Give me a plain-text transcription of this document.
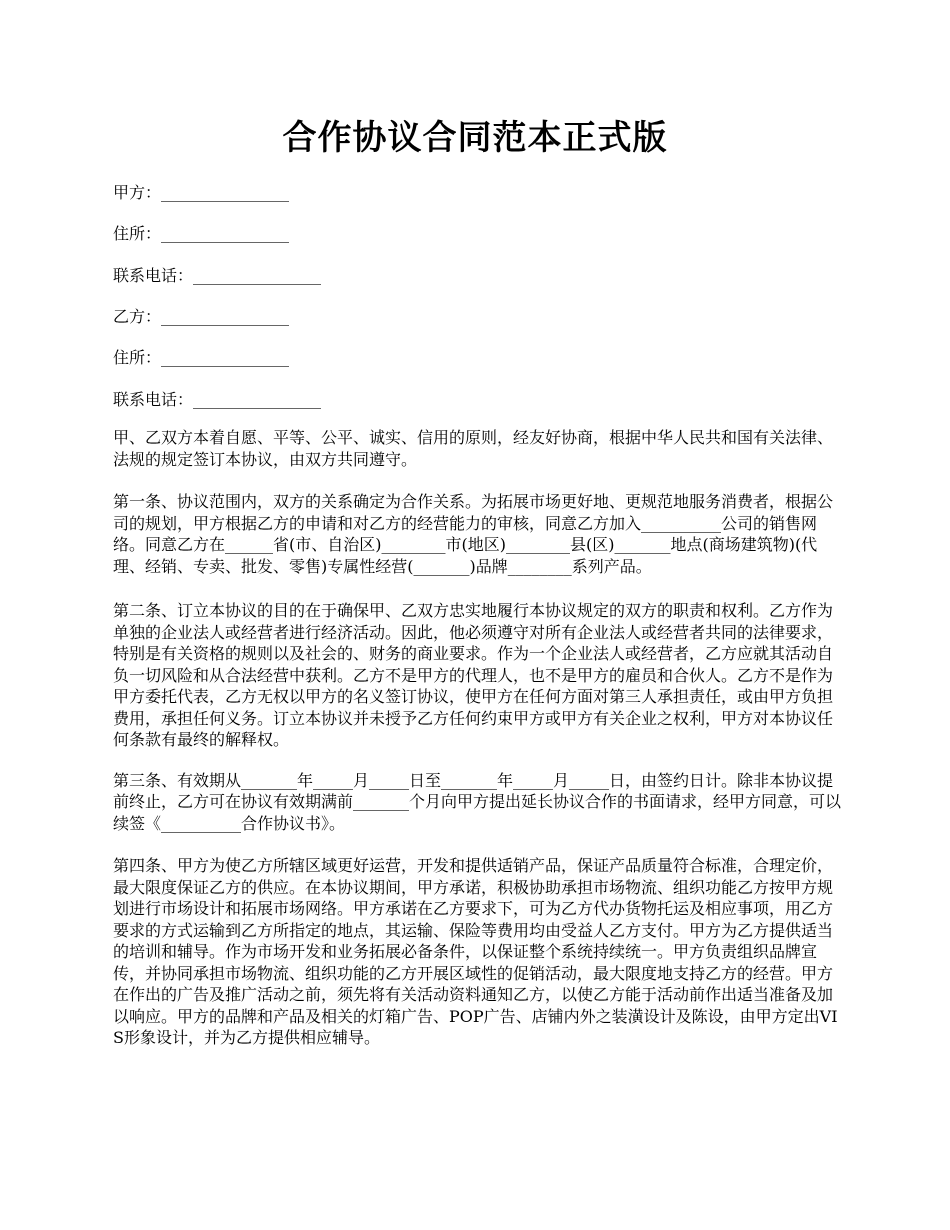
合作协议合同范本正式版
甲方：________________
住所：________________
联系电话：________________
乙方：________________
住所：________________
联系电话：________________

甲、乙双方本着自愿、平等、公平、诚实、信用的原则，经友好协商，根据中华人民共和国有关法律、法规的规定签订本协议，由双方共同遵守。

第一条、协议范围内，双方的关系确定为合作关系。为拓展市场更好地、更规范地服务消费者，根据公司的规划，甲方根据乙方的申请和对乙方的经营能力的审核，同意乙方加入__________公司的销售网络。同意乙方在______省(市、自治区)________市(地区)________县(区)_______地点(商场建筑物)(代理、经销、专卖、批发、零售)专属性经营(_______)品牌________系列产品。

第二条、订立本协议的目的在于确保甲、乙双方忠实地履行本协议规定的双方的职责和权利。乙方作为单独的企业法人或经营者进行经济活动。因此，他必须遵守对所有企业法人或经营者共同的法律要求，特别是有关资格的规则以及社会的、财务的商业要求。作为一个企业法人或经营者，乙方应就其活动自负一切风险和从合法经营中获利。乙方不是甲方的代理人，也不是甲方的雇员和合伙人。乙方不是作为甲方委托代表，乙方无权以甲方的名义签订协议，使甲方在任何方面对第三人承担责任，或由甲方负担费用，承担任何义务。订立本协议并未授予乙方任何约束甲方或甲方有关企业之权利，甲方对本协议任何条款有最终的解释权。

第三条、有效期从_______年_____月_____日至_______年_____月_____日，由签约日计。除非本协议提前终止，乙方可在协议有效期满前_______个月向甲方提出延长协议合作的书面请求，经甲方同意，可以续签《__________合作协议书》。

第四条、甲方为使乙方所辖区域更好运营，开发和提供适销产品，保证产品质量符合标准，合理定价，最大限度保证乙方的供应。在本协议期间，甲方承诺，积极协助承担市场物流、组织功能乙方按甲方规划进行市场设计和拓展市场网络。甲方承诺在乙方要求下，可为乙方代办货物托运及相应事项，用乙方要求的方式运输到乙方所指定的地点，其运输、保险等费用均由受益人乙方支付。甲方为乙方提供适当的培训和辅导。作为市场开发和业务拓展必备条件，以保证整个系统持续统一。甲方负责组织品牌宣传，并协同承担市场物流、组织功能的乙方开展区域性的促销活动，最大限度地支持乙方的经营。甲方在作出的广告及推广活动之前，须先将有关活动资料通知乙方，以使乙方能于活动前作出适当准备及加以响应。甲方的品牌和产品及相关的灯箱广告、POP广告、店铺内外之装潢设计及陈设，由甲方定出VIS形象设计，并为乙方提供相应辅导。
